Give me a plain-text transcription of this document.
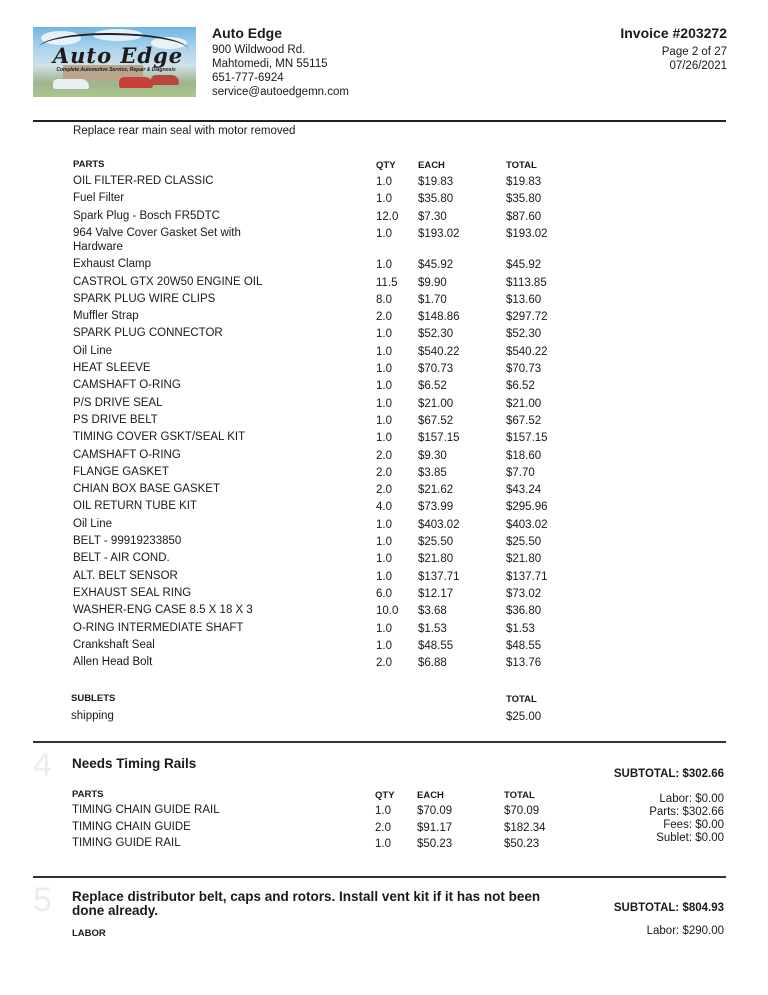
Auto Edge
Complete Automotive Service, Repair & Diagnosis
Auto Edge
900 Wildwood Rd.
Mahtomedi, MN 55115
651-777-6924
service@autoedgemn.com
Invoice #203272
Page 2 of 27
07/26/2021
Replace rear main seal with motor removed
PARTS	QTY EACH	TOTAL
OIL FILTER-RED CLASSIC	1.0 $19.83	$19.83
Fuel Filter	1.0 $35.80	$35.80
Spark Plug - Bosch FR5DTC	12.0 $7.30	$87.60
964 Valve Cover Gasket Set with	1.0 $193.02	$193.02
Hardware
Exhaust Clamp	1.0 $45.92	$45.92
CASTROL GTX 20W50 ENGINE OIL	11.5 $9.90	$113.85
SPARK PLUG WIRE CLIPS	8.0 $1.70	$13.60
Muffler Strap	2.0 $148.86	$297.72
SPARK PLUG CONNECTOR	1.0 $52.30	$52.30
Oil Line	1.0 $540.22	$540.22
HEAT SLEEVE	1.0 $70.73	$70.73
CAMSHAFT O-RING	1.0 $6.52	$6.52
P/S DRIVE SEAL	1.0 $21.00	$21.00
PS DRIVE BELT	1.0 $67.52	$67.52
TIMING COVER GSKT/SEAL KIT	1.0 $157.15	$157.15
CAMSHAFT O-RING	2.0 $9.30	$18.60
FLANGE GASKET	2.0 $3.85	$7.70
CHIAN BOX BASE GASKET	2.0 $21.62	$43.24
OIL RETURN TUBE KIT	4.0 $73.99	$295.96
Oil Line	1.0 $403.02	$403.02
BELT - 99919233850	1.0 $25.50	$25.50
BELT - AIR COND.	1.0 $21.80	$21.80
ALT. BELT SENSOR	1.0 $137.71	$137.71
EXHAUST SEAL RING	6.0 $12.17	$73.02
WASHER-ENG CASE 8.5 X 18 X 3	10.0 $3.68	$36.80
O-RING INTERMEDIATE SHAFT	1.0 $1.53	$1.53
Crankshaft Seal	1.0 $48.55	$48.55
Allen Head Bolt	2.0 $6.88	$13.76
SUBLETS	TOTAL
shipping	$25.00
4 Needs Timing Rails
SUBTOTAL: $302.66
Labor: $0.00
Parts: $302.66
Fees: $0.00
Sublet: $0.00
PARTS	QTY EACH	TOTAL
TIMING CHAIN GUIDE RAIL	1.0 $70.09	$70.09
TIMING CHAIN GUIDE	2.0 $91.17	$182.34
TIMING GUIDE RAIL	1.0 $50.23	$50.23
5 Replace distributor belt, caps and rotors. Install vent kit if it has not been
done already.	SUBTOTAL: $804.93
LABOR	Labor: $290.00
